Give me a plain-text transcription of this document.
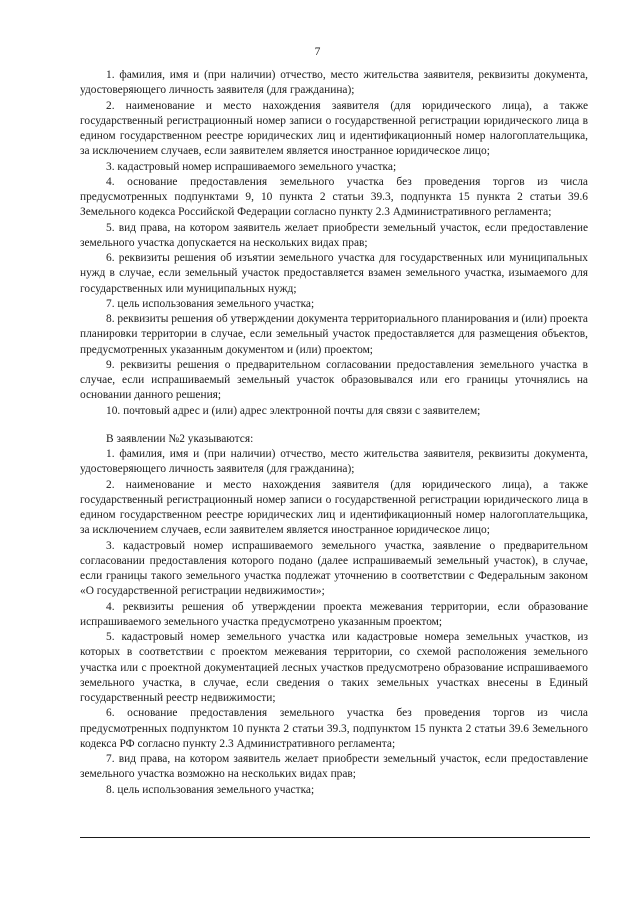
7

1. фамилия, имя и (при наличии) отчество, место жительства заявителя, реквизиты документа, удостоверяющего личность заявителя (для гражданина);

2. наименование и место нахождения заявителя (для юридического лица), а также государственный регистрационный номер записи о государственной регистрации юридического лица в едином государственном реестре юридических лиц и идентификационный номер налогоплательщика, за исключением случаев, если заявителем является иностранное юридическое лицо;

3. кадастровый номер испрашиваемого земельного участка;

4. основание предоставления земельного участка без проведения торгов из числа предусмотренных подпунктами 9, 10 пункта 2 статьи 39.3, подпункта 15 пункта 2 статьи 39.6 Земельного кодекса Российской Федерации согласно пункту 2.3 Административного регламента;

5. вид права, на котором заявитель желает приобрести земельный участок, если предоставление земельного участка допускается на нескольких видах прав;

6. реквизиты решения об изъятии земельного участка для государственных или муниципальных нужд в случае, если земельный участок предоставляется взамен земельного участка, изымаемого для государственных или муниципальных нужд;

7. цель использования земельного участка;

8. реквизиты решения об утверждении документа территориального планирования и (или) проекта планировки территории в случае, если земельный участок предоставляется для размещения объектов, предусмотренных указанным документом и (или) проектом;

9. реквизиты решения о предварительном согласовании предоставления земельного участка в случае, если испрашиваемый земельный участок образовывался или его границы уточнялись на основании данного решения;

10. почтовый адрес и (или) адрес электронной почты для связи с заявителем;

В заявлении №2 указываются:

1. фамилия, имя и (при наличии) отчество, место жительства заявителя, реквизиты документа, удостоверяющего личность заявителя (для гражданина);

2. наименование и место нахождения заявителя (для юридического лица), а также государственный регистрационный номер записи о государственной регистрации юридического лица в едином государственном реестре юридических лиц и идентификационный номер налогоплательщика, за исключением случаев, если заявителем является иностранное юридическое лицо;

3. кадастровый номер испрашиваемого земельного участка, заявление о предварительном согласовании предоставления которого подано (далее испрашиваемый земельный участок), в случае, если границы такого земельного участка подлежат уточнению в соответствии с Федеральным законом «О государственной регистрации недвижимости»;

4. реквизиты решения об утверждении проекта межевания территории, если образование испрашиваемого земельного участка предусмотрено указанным проектом;

5. кадастровый номер земельного участка или кадастровые номера земельных участков, из которых в соответствии с проектом межевания территории, со схемой расположения земельного участка или с проектной документацией лесных участков предусмотрено образование испрашиваемого земельного участка, в случае, если сведения о таких земельных участках внесены в Единый государственный реестр недвижимости;

6. основание предоставления земельного участка без проведения торгов из числа предусмотренных подпунктом 10 пункта 2 статьи 39.3, подпунктом 15 пункта 2 статьи 39.6 Земельного кодекса РФ согласно пункту 2.3 Административного регламента;

7. вид права, на котором заявитель желает приобрести земельный участок, если предоставление земельного участка возможно на нескольких видах прав;

8. цель использования земельного участка;
